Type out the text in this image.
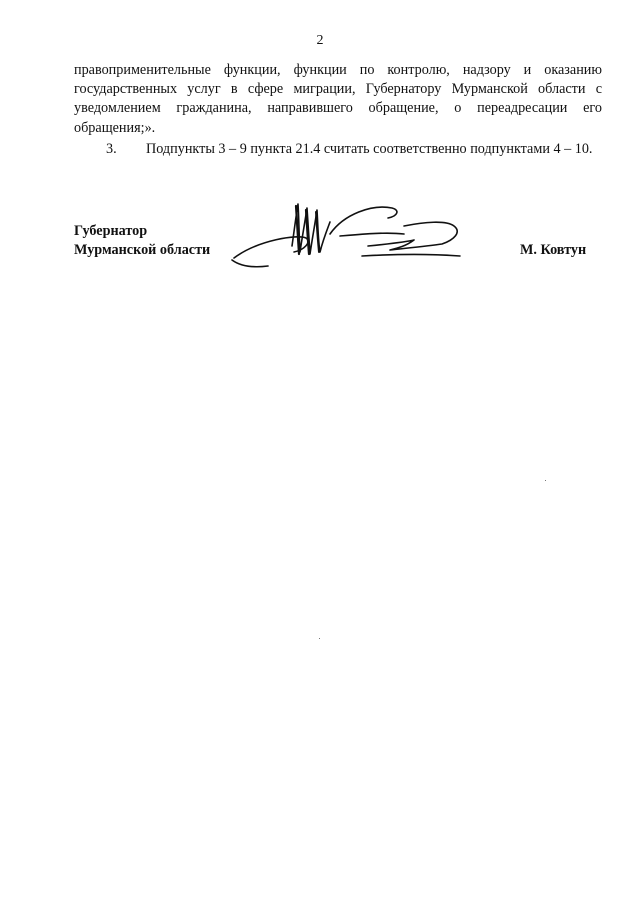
2

правоприменительные функции, функции по контролю, надзору и оказанию государственных услуг в сфере миграции, Губернатору Мурманской области с уведомлением гражданина, направившего обращение, о переадресации его обращения;».

3. Подпункты 3 – 9 пункта 21.4 считать соответственно подпунктами 4 – 10.

Губернатор
Мурманской области	М. Ковтун
